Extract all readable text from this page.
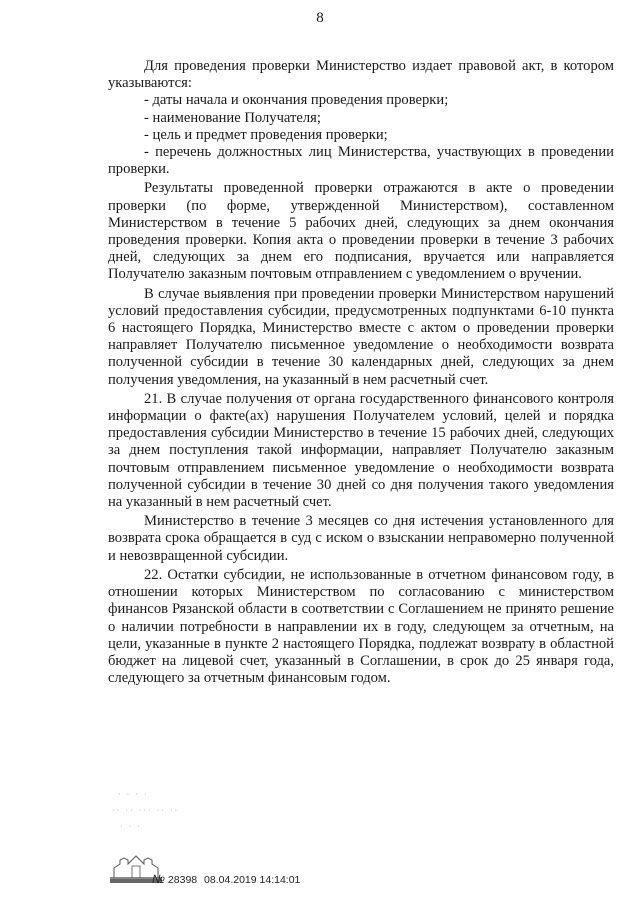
8

Для проведения проверки Министерство издает правовой акт, в котором указываются:

- даты начала и окончания проведения проверки;

- наименование Получателя;

- цель и предмет проведения проверки;

- перечень должностных лиц Министерства, участвующих в проведении проверки.

Результаты проведенной проверки отражаются в акте о проведении проверки (по форме, утвержденной Министерством), составленном Министерством в течение 5 рабочих дней, следующих за днем окончания проведения проверки. Копия акта о проведении проверки в течение 3 рабочих дней, следующих за днем его подписания, вручается или направляется Получателю заказным почтовым отправлением с уведомлением о вручении.

В случае выявления при проведении проверки Министерством нарушений условий предоставления субсидии, предусмотренных подпунктами 6-10 пункта 6 настоящего Порядка, Министерство вместе с актом о проведении проверки направляет Получателю письменное уведомление о необходимости возврата полученной субсидии в течение 30 календарных дней, следующих за днем получения уведомления, на указанный в нем расчетный счет.

21. В случае получения от органа государственного финансового контроля информации о факте(ах) нарушения Получателем условий, целей и порядка предоставления субсидии Министерство в течение 15 рабочих дней, следующих за днем поступления такой информации, направляет Получателю заказным почтовым отправлением письменное уведомление о необходимости возврата полученной субсидии в течение 30 дней со дня получения такого уведомления на указанный в нем расчетный счет.

Министерство в течение 3 месяцев со дня истечения установленного для возврата срока обращается в суд с иском о взыскании неправомерно полученной и невозвращенной субсидии.

22. Остатки субсидии, не использованные в отчетном финансовом году, в отношении которых Министерством по согласованию с министерством финансов Рязанской области в соответствии с Соглашением не принято решение о наличии потребности в направлении их в году, следующем за отчетным, на цели, указанные в пункте 2 настоящего Порядка, подлежат возврату в областной бюджет на лицевой счет, указанный в Соглашении, в срок до 25 января года, следующего за отчетным финансовым годом.

· · · ·
·· ·· ··· ·· ··
· · ·
№ 28398 08.04.2019 14:14:01
